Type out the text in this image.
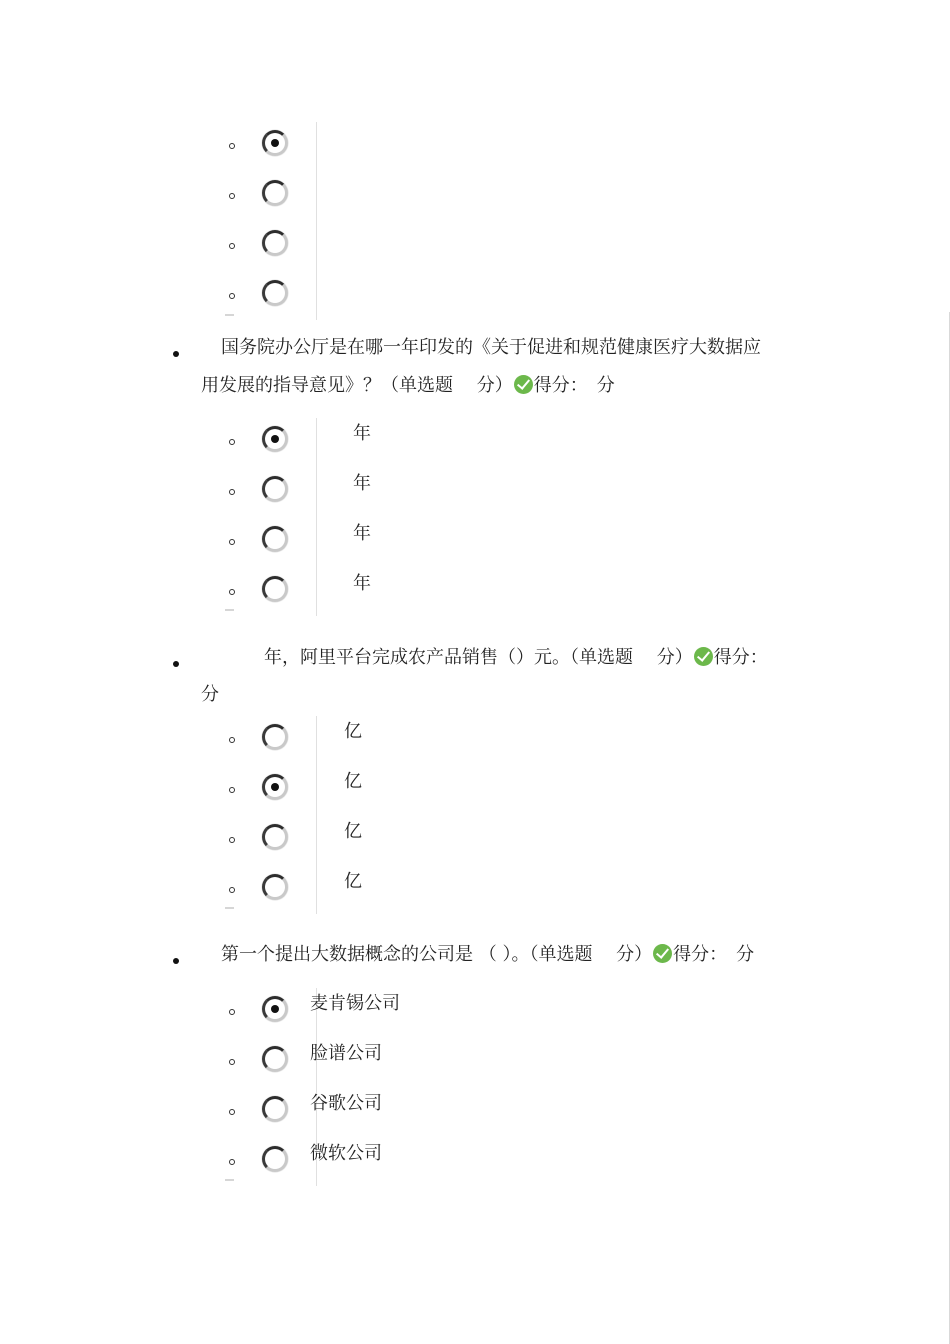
国务院办公厅是在哪一年印发的《关于促进和规范健康医疗大数据应
用发展的指导意见》？（单选题　 分） 得分：　分
年
年
年
年
年，阿里平台完成农产品销售（）元。（单选题　 分） 得分：
分
亿
亿
亿
亿
第一个提出大数据概念的公司是 （ ）。（单选题　 分） 得分：　分
麦肯锡公司
脸谱公司
谷歌公司
微软公司
